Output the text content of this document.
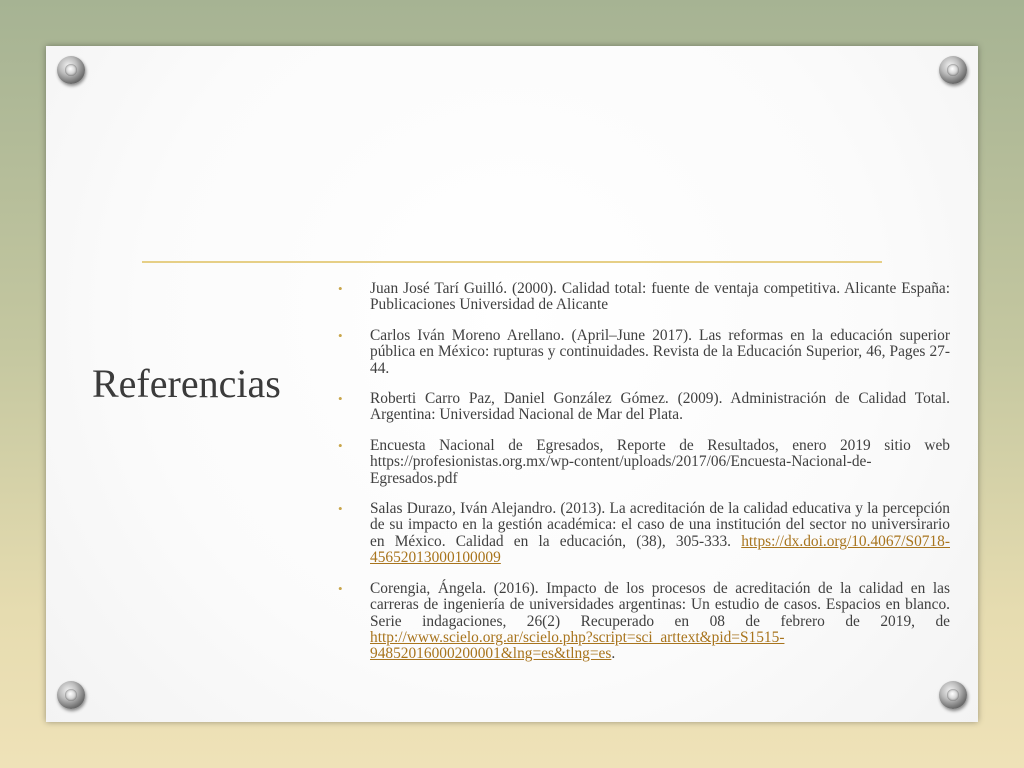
Referencias
• Juan José Tarí Guilló. (2000). Calidad total: fuente de ventaja competitiva. Alicante España: Publicaciones Universidad de Alicante
• Carlos Iván Moreno Arellano. (April–June 2017). Las reformas en la educación superior pública en México: rupturas y continuidades. Revista de la Educación Superior, 46, Pages 27-44.
• Roberti Carro Paz, Daniel González Gómez. (2009). Administración de Calidad Total. Argentina: Universidad Nacional de Mar del Plata.
• Encuesta Nacional de Egresados, Reporte de Resultados, enero 2019 sitio web https://profesionistas.org.mx/wp-content/uploads/2017/06/Encuesta-Nacional-de-Egresados.pdf
• Salas Durazo, Iván Alejandro. (2013). La acreditación de la calidad educativa y la percepción de su impacto en la gestión académica: el caso de una institución del sector no universirario en México. Calidad en la educación, (38), 305-333. https://dx.doi.org/10.4067/S0718-45652013000100009
• Corengia, Ángela. (2016). Impacto de los procesos de acreditación de la calidad en las carreras de ingeniería de universidades argentinas: Un estudio de casos. Espacios en blanco. Serie indagaciones, 26(2) Recuperado en 08 de febrero de 2019, de http://www.scielo.org.ar/scielo.php?script=sci_arttext&pid=S1515-94852016000200001&lng=es&tlng=es.
